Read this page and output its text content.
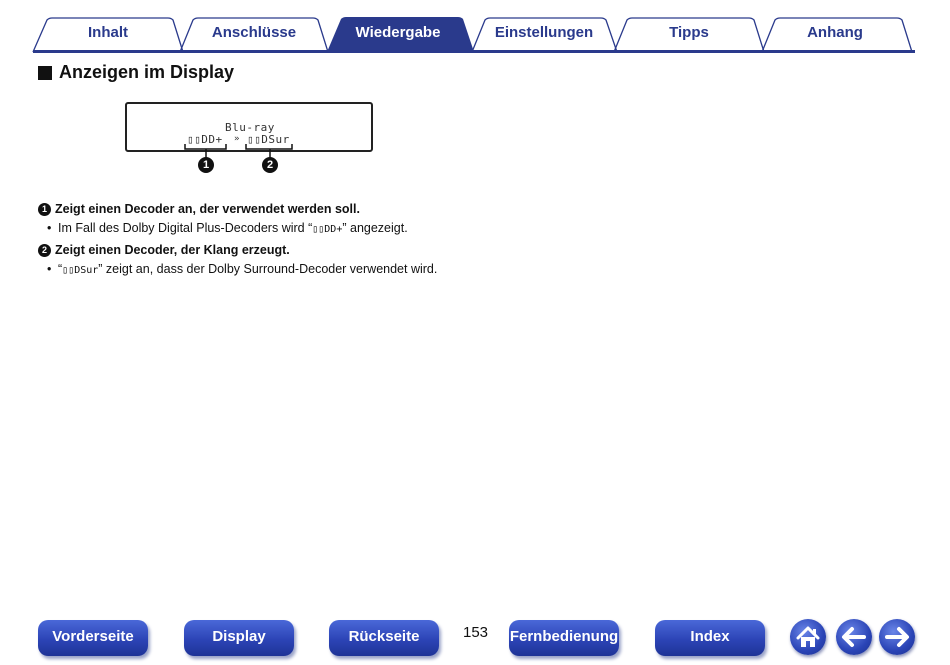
Inhalt	Anschlüsse	Wiedergabe	Einstellungen	Tipps	Anhang
Anzeigen im Display
Blu-ray
▯▯DD+ » ▯▯DSur
1	2
1 Zeigt einen Decoder an, der verwendet werden soll.
• Im Fall des Dolby Digital Plus-Decoders wird “▯▯DD+” angezeigt.
2 Zeigt einen Decoder, der Klang erzeugt.
• “▯▯DSur” zeigt an, dass der Dolby Surround-Decoder verwendet wird.
Vorderseite	Display	Rückseite	153 Fernbedienung	Index
